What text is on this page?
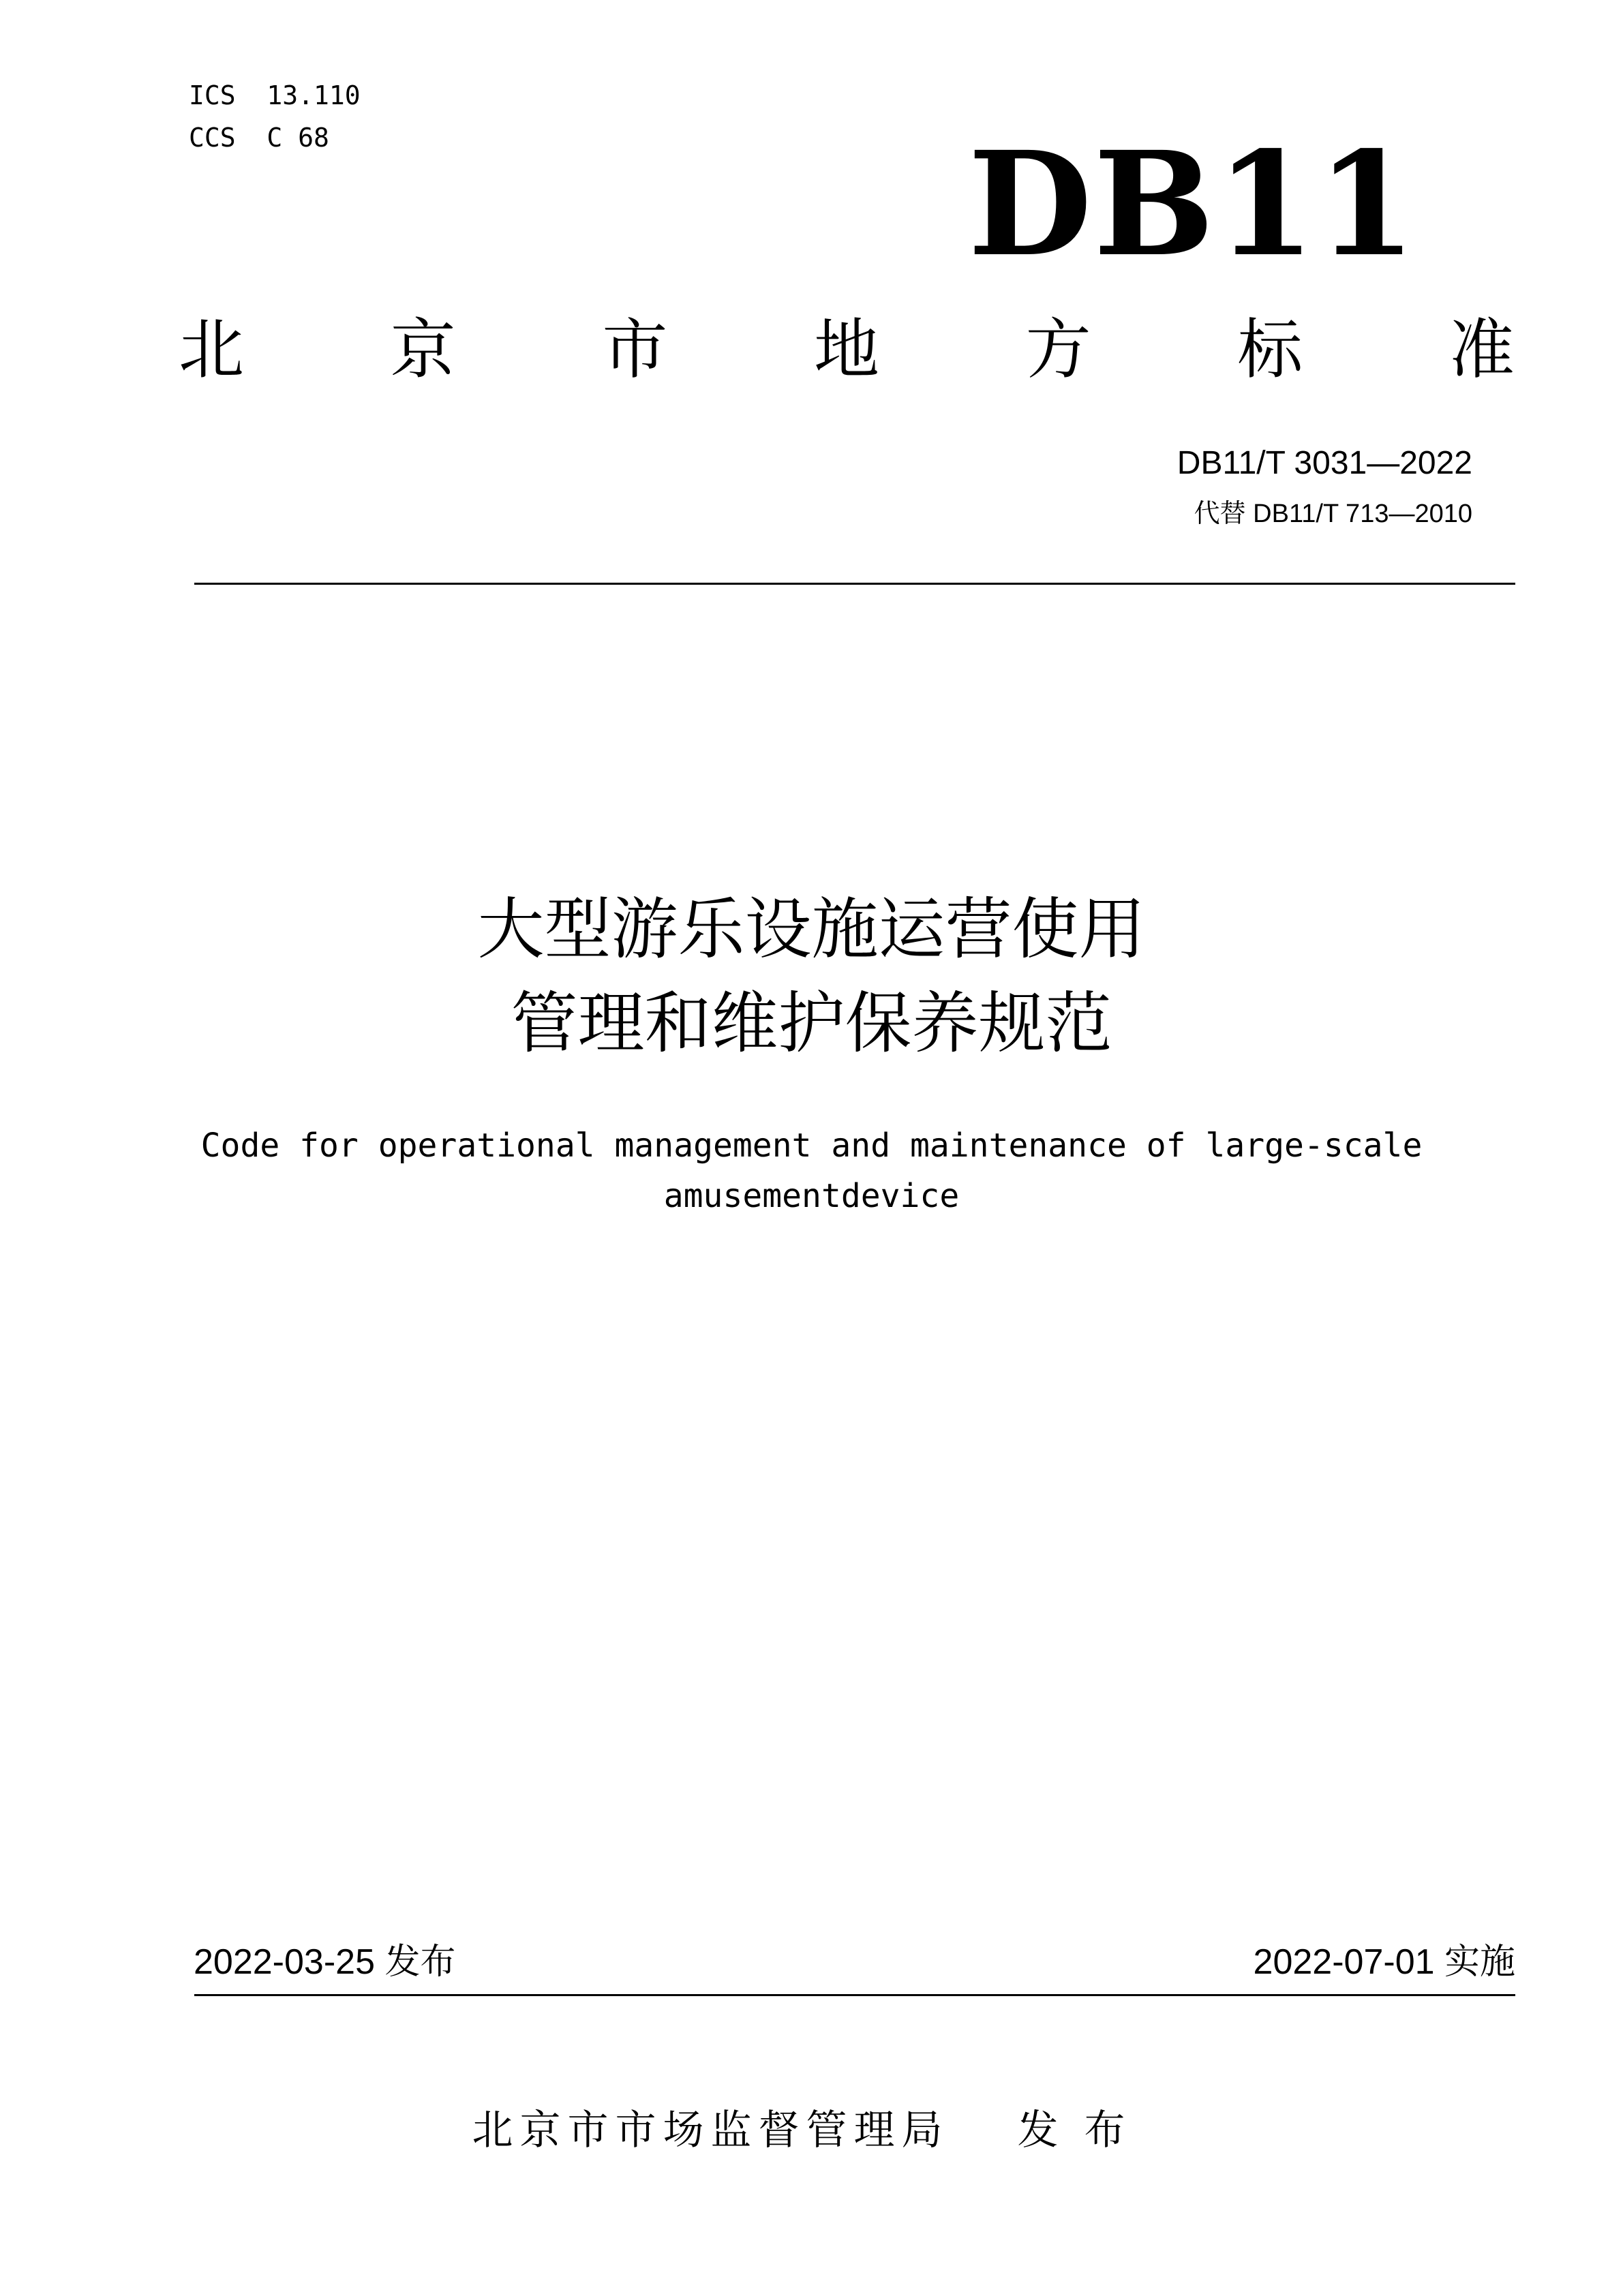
ICS  13.110
CCS  C 68	DB11
北 京 市 地 方 标 准
DB11/T 3031—2022
代替 DB11/T 713—2010
大型游乐设施运营使用
管理和维护保养规范
Code for operational management and maintenance of large-scale
amusementdevice
2022-03-25 发布	2022-07-01 实施
北京市市场监督管理局 发布
